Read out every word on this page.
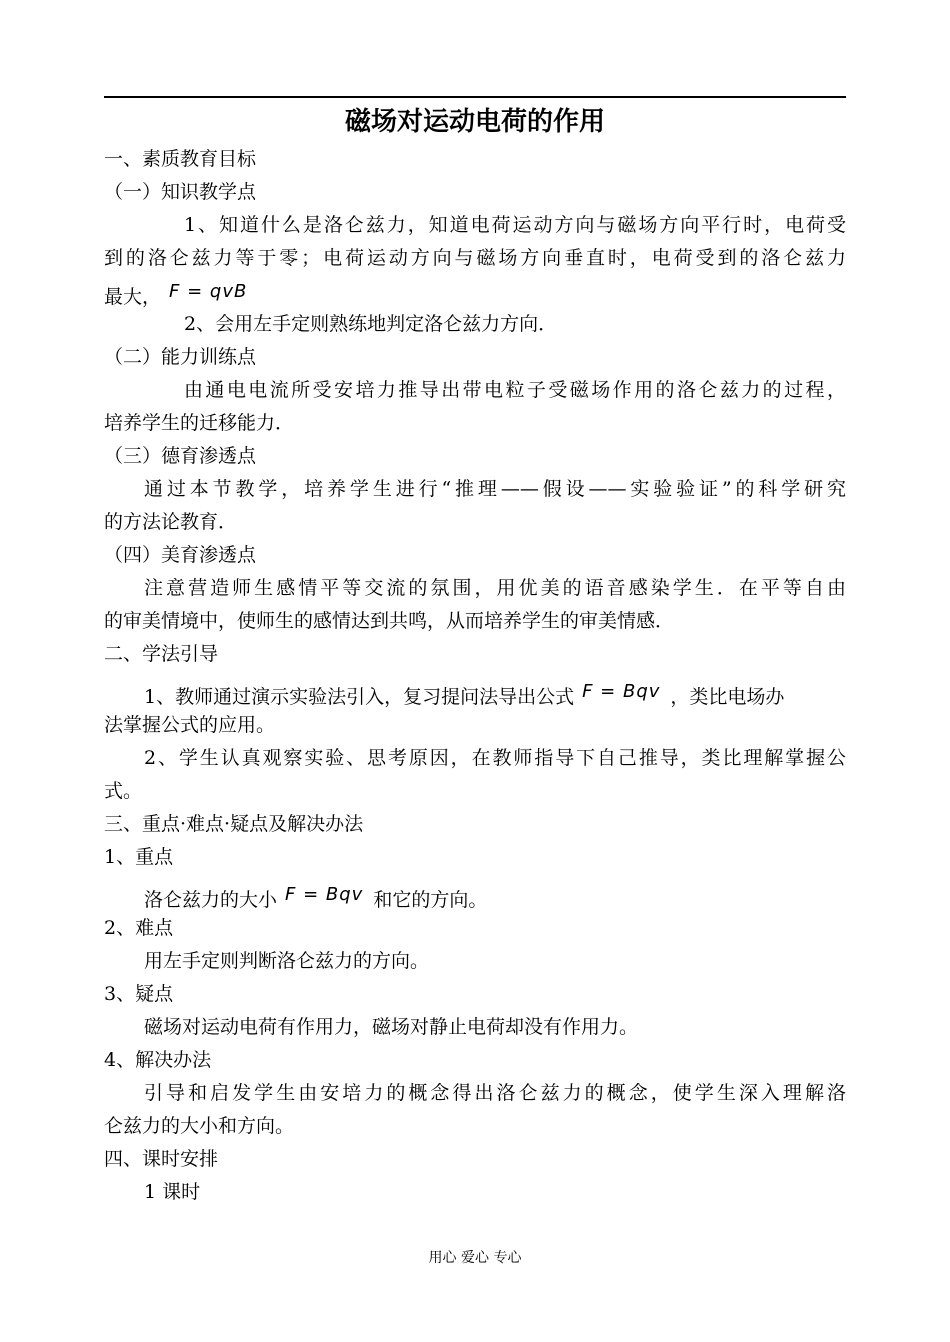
磁场对运动电荷的作用
一、素质教育目标
（一）知识教学点
1、知道什么是洛仑兹力，知道电荷运动方向与磁场方向平行时，电荷受
到的洛仑兹力等于零；电荷运动方向与磁场方向垂直时，电荷受到的洛仑兹力
最大， F = qvB
2、会用左手定则熟练地判定洛仑兹力方向．
（二）能力训练点
由通电电流所受安培力推导出带电粒子受磁场作用的洛仑兹力的过程，
培养学生的迁移能力．
（三）德育渗透点
通过本节教学，培养学生进行“推理——假设——实验验证”的科学研究
的方法论教育．
（四）美育渗透点
注意营造师生感情平等交流的氛围，用优美的语音感染学生．在平等自由
的审美情境中，使师生的感情达到共鸣，从而培养学生的审美情感．
二、学法引导
1、教师通过演示实验法引入，复习提问法导出公式 F = Bqv ，类比电场办
法掌握公式的应用。
2、学生认真观察实验、思考原因，在教师指导下自己推导，类比理解掌握公
式。
三、重点·难点·疑点及解决办法
1、重点
洛仑兹力的大小 F = Bqv 和它的方向。
2、难点
用左手定则判断洛仑兹力的方向。
3、疑点
磁场对运动电荷有作用力，磁场对静止电荷却没有作用力。
4、解决办法
引导和启发学生由安培力的概念得出洛仑兹力的概念，使学生深入理解洛
仑兹力的大小和方向。
四、课时安排
1 课时
用心 爱心 专心
